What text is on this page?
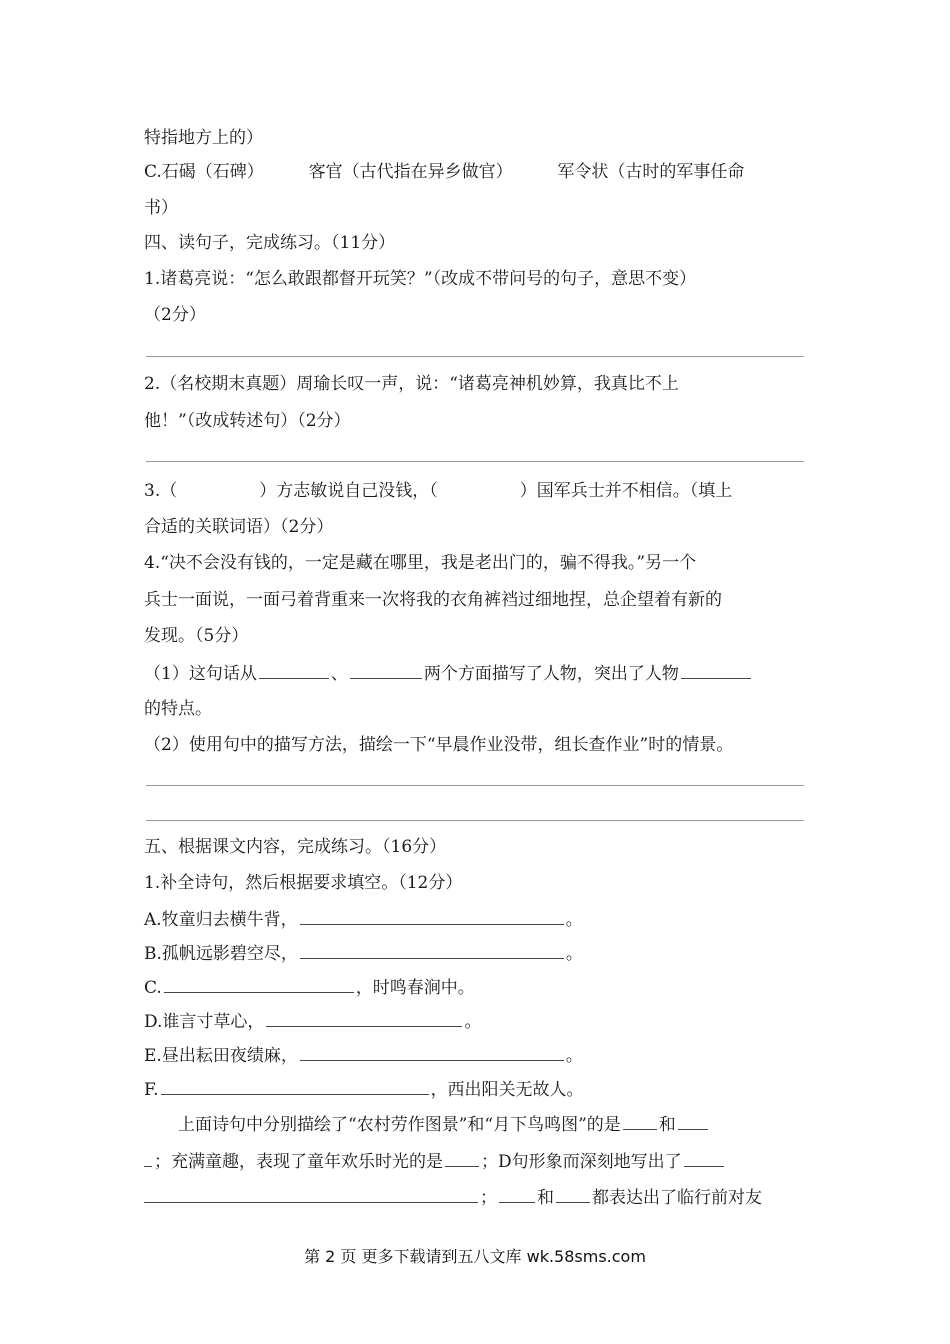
特指地方上的）
C.石碣（石碑）	客官（古代指在异乡做官）	军令状（古时的军事任命
书）
四、读句子，完成练习。（11分）
1.诸葛亮说：“怎么敢跟都督开玩笑？”（改成不带问号的句子，意思不变）
（2分）
2.（名校期末真题）周瑜长叹一声，说：“诸葛亮神机妙算，我真比不上
他！”（改成转述句）（2分）
3.（	）方志敏说自己没钱，（	）国军兵士并不相信。（填上
合适的关联词语）（2分）
4.“决不会没有钱的，一定是藏在哪里，我是老出门的，骗不得我。”另一个
兵士一面说，一面弓着背重来一次将我的衣角裤裆过细地捏，总企望着有新的
发现。（5分）
（1）这句话从	、	两个方面描写了人物，突出了人物
的特点。
（2）使用句中的描写方法，描绘一下“早晨作业没带，组长查作业”时的情景。
五、根据课文内容，完成练习。（16分）
1.补全诗句，然后根据要求填空。（12分）
A.牧童归去横牛背，	。
B.孤帆远影碧空尽，	。
C.	，时鸣春涧中。
D.谁言寸草心，	。
E.昼出耘田夜绩麻，	。
F.	，西出阳关无故人。
上面诗句中分别描绘了“农村劳作图景”和“月下鸟鸣图”的是 和
；充满童趣，表现了童年欢乐时光的是 ；D句形象而深刻地写出了
； 和 都表达出了临行前对友
第 2 页 更多下载请到五八文库 wk.58sms.com
